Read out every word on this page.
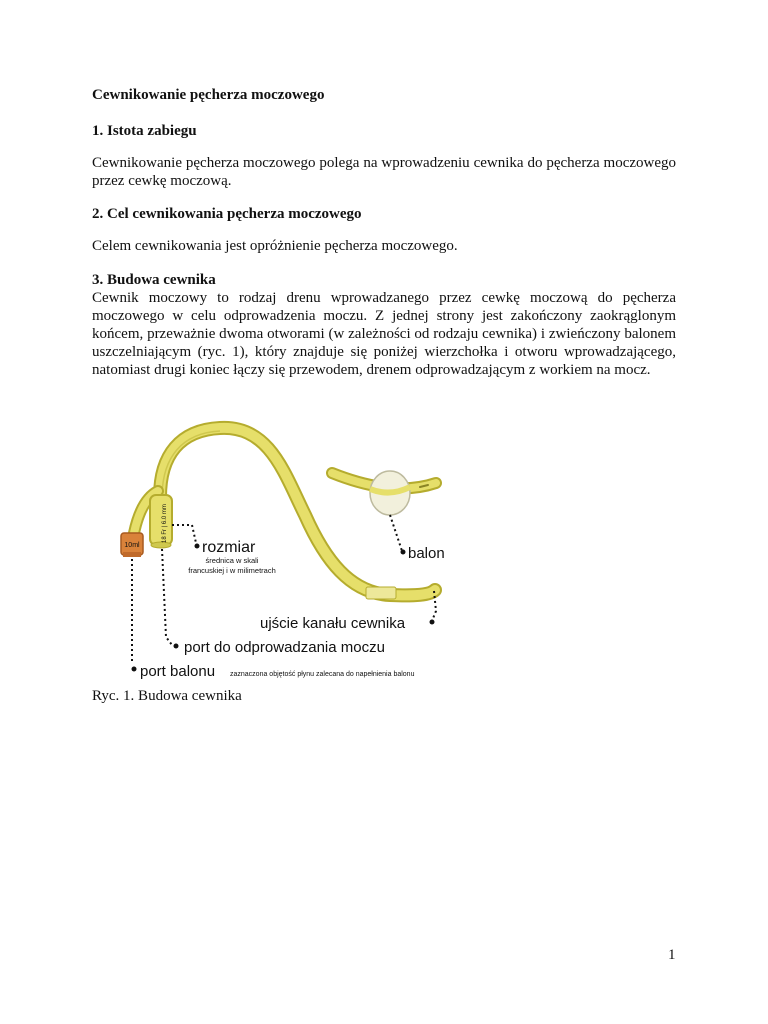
Cewnikowanie pęcherza moczowego
1. Istota zabiegu
Cewnikowanie pęcherza moczowego polega na wprowadzeniu cewnika do pęcherza moczowego przez cewkę moczową.
2. Cel cewnikowania pęcherza moczowego
Celem cewnikowania jest opróżnienie pęcherza moczowego.
3. Budowa cewnika
Cewnik moczowy to rodzaj drenu wprowadzanego przez cewkę moczową do pęcherza moczowego w celu odprowadzenia moczu. Z jednej strony jest zakończony zaokrąglonym końcem, przeważnie dwoma otworami (w zależności od rodzaju cewnika) i zwieńczony balonem uszczelniającym (ryc. 1), który znajduje się poniżej wierzchołka i otworu wprowadzającego, natomiast drugi koniec łączy się przewodem, drenem odprowadzającym z workiem na mocz.
18 Fr | 6.0 mm
10ml	rozmiar
średnica w skali
francuskiej i w milimetrach
balon
ujście kanału cewnika
port do odprowadzania moczu
port balonu zaznaczona objętość płynu zalecana do napełnienia balonu
Ryc. 1. Budowa cewnika
1
